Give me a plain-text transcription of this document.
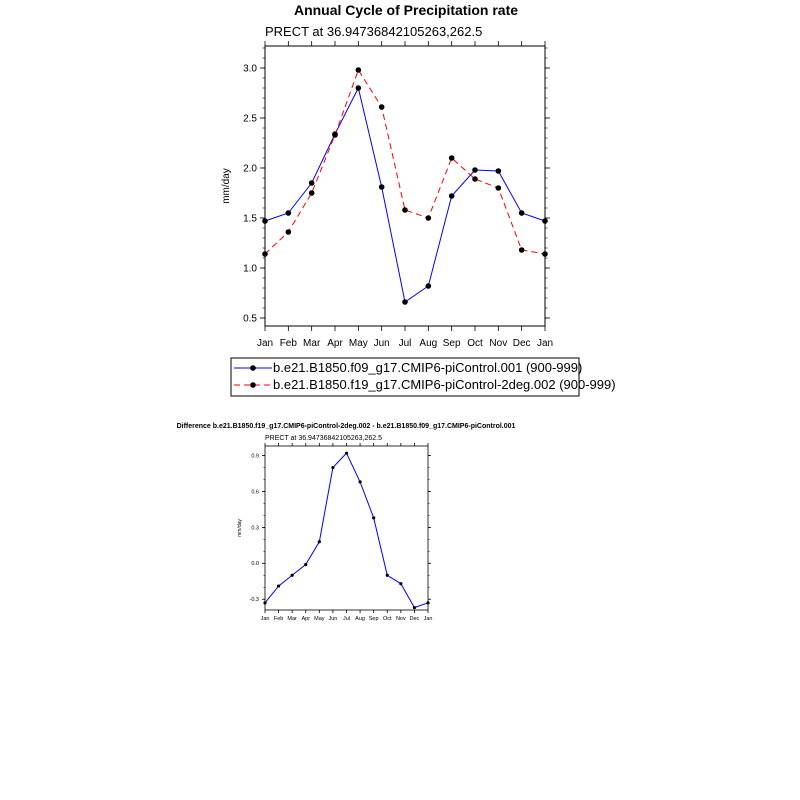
Annual Cycle of Precipitation rate
PRECT at 36.94736842105263,262.5
mm/day
Jan Feb Mar Apr May Jun Jul Aug Sep Oct Nov Dec Jan
0.5
1.0
1.5
2.0
2.5
3.0
b.e21.B1850.f09_g17.CMIP6-piControl.001 (900-999)
b.e21.B1850.f19_g17.CMIP6-piControl-2deg.002 (900-999)
Difference b.e21.B1850.f19_g17.CMIP6-piControl-2deg.002 - b.e21.B1850.f09_g17.CMIP6-piControl.001
PRECT at 36.94736842105263,262.5
mm/day
Jan Feb Mar Apr May Jun Jul Aug Sep Oct Nov Dec Jan
-0.3
0.0
0.3
0.6
0.9
